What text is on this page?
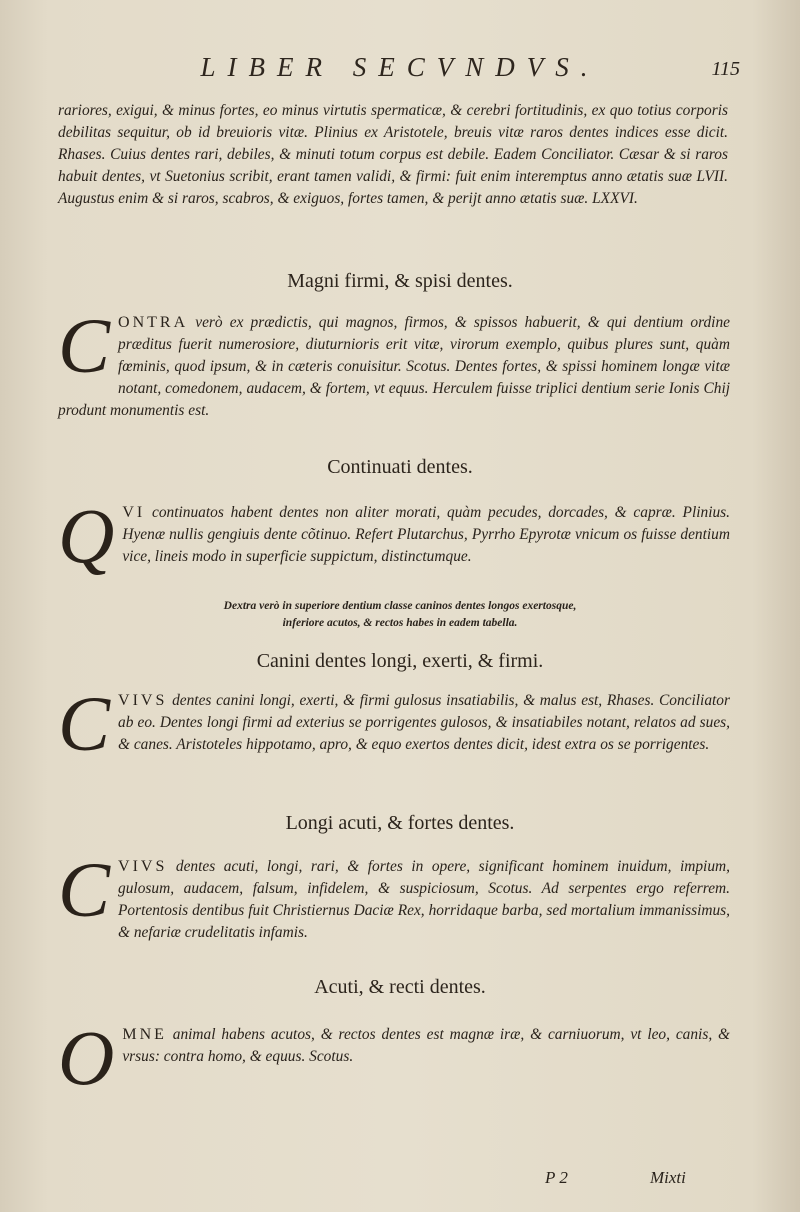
LIBER SECVNDVS.	115
rariores, exigui, & minus fortes, eo minus virtutis spermaticæ, & cerebri fortitudinis, ex quo totius corporis debilitas sequitur, ob id breuioris vitæ. Plinius ex Aristotele, breuis vitæ raros dentes indices esse dicit. Rhases. Cuius dentes rari, debiles, & minuti totum corpus est debile. Eadem Conciliator. Cæsar & si raros habuit dentes, vt Suetonius scribit, erant tamen validi, & firmi: fuit enim interemptus anno ætatis suæ LVII. Augustus enim & si raros, scabros, & exiguos, fortes tamen, & perijt anno ætatis suæ. LXXVI.
Magni firmi, & spisi dentes.
C ONTRA verò ex prædictis, qui magnos, firmos, & spissos habuerit, & qui dentium ordine præditus fuerit numerosiore, diuturnioris erit vitæ, virorum exemplo, quibus plures sunt, quàm fœminis, quod ipsum, & in cæteris conuisitur. Scotus. Dentes fortes, & spissi hominem longæ vitæ notant, comedonem, audacem, & fortem, vt equus. Herculem fuisse triplici dentium serie Ionis Chij produnt monumentis est.
Continuati dentes.
Q VI continuatos habent dentes non aliter morati, quàm pecudes, dorcades, & capræ. Plinius. Hyenæ nullis gengiuis dente cõtinuo. Refert Plutarchus, Pyrrho Epyrotæ vnicum os fuisse dentium vice, lineis modo in superficie suppictum, distinctumque.
Dextra verò in superiore dentium classe caninos dentes longos exertosque,
inferiore acutos, & rectos habes in eadem tabella.
Canini dentes longi, exerti, & firmi.
C VIVS dentes canini longi, exerti, & firmi gulosus insatiabilis, & malus est, Rhases. Conciliator ab eo. Dentes longi firmi ad exterius se porrigentes gulosos, & insatiabiles notant, relatos ad sues, & canes. Aristoteles hippotamo, apro, & equo exertos dentes dicit, idest extra os se porrigentes.
Longi acuti, & fortes dentes.
C VIVS dentes acuti, longi, rari, & fortes in opere, significant hominem inuidum, impium, gulosum, audacem, falsum, infidelem, & suspiciosum, Scotus. Ad serpentes ergo referrem. Portentosis dentibus fuit Christiernus Daciæ Rex, horridaque barba, sed mortalium immanissimus, & nefariæ crudelitatis infamis.
Acuti, & recti dentes.
O MNE animal habens acutos, & rectos dentes est magnæ iræ, & carniuorum, vt leo, canis, & vrsus: contra homo, & equus. Scotus.
P 2	Mixti
